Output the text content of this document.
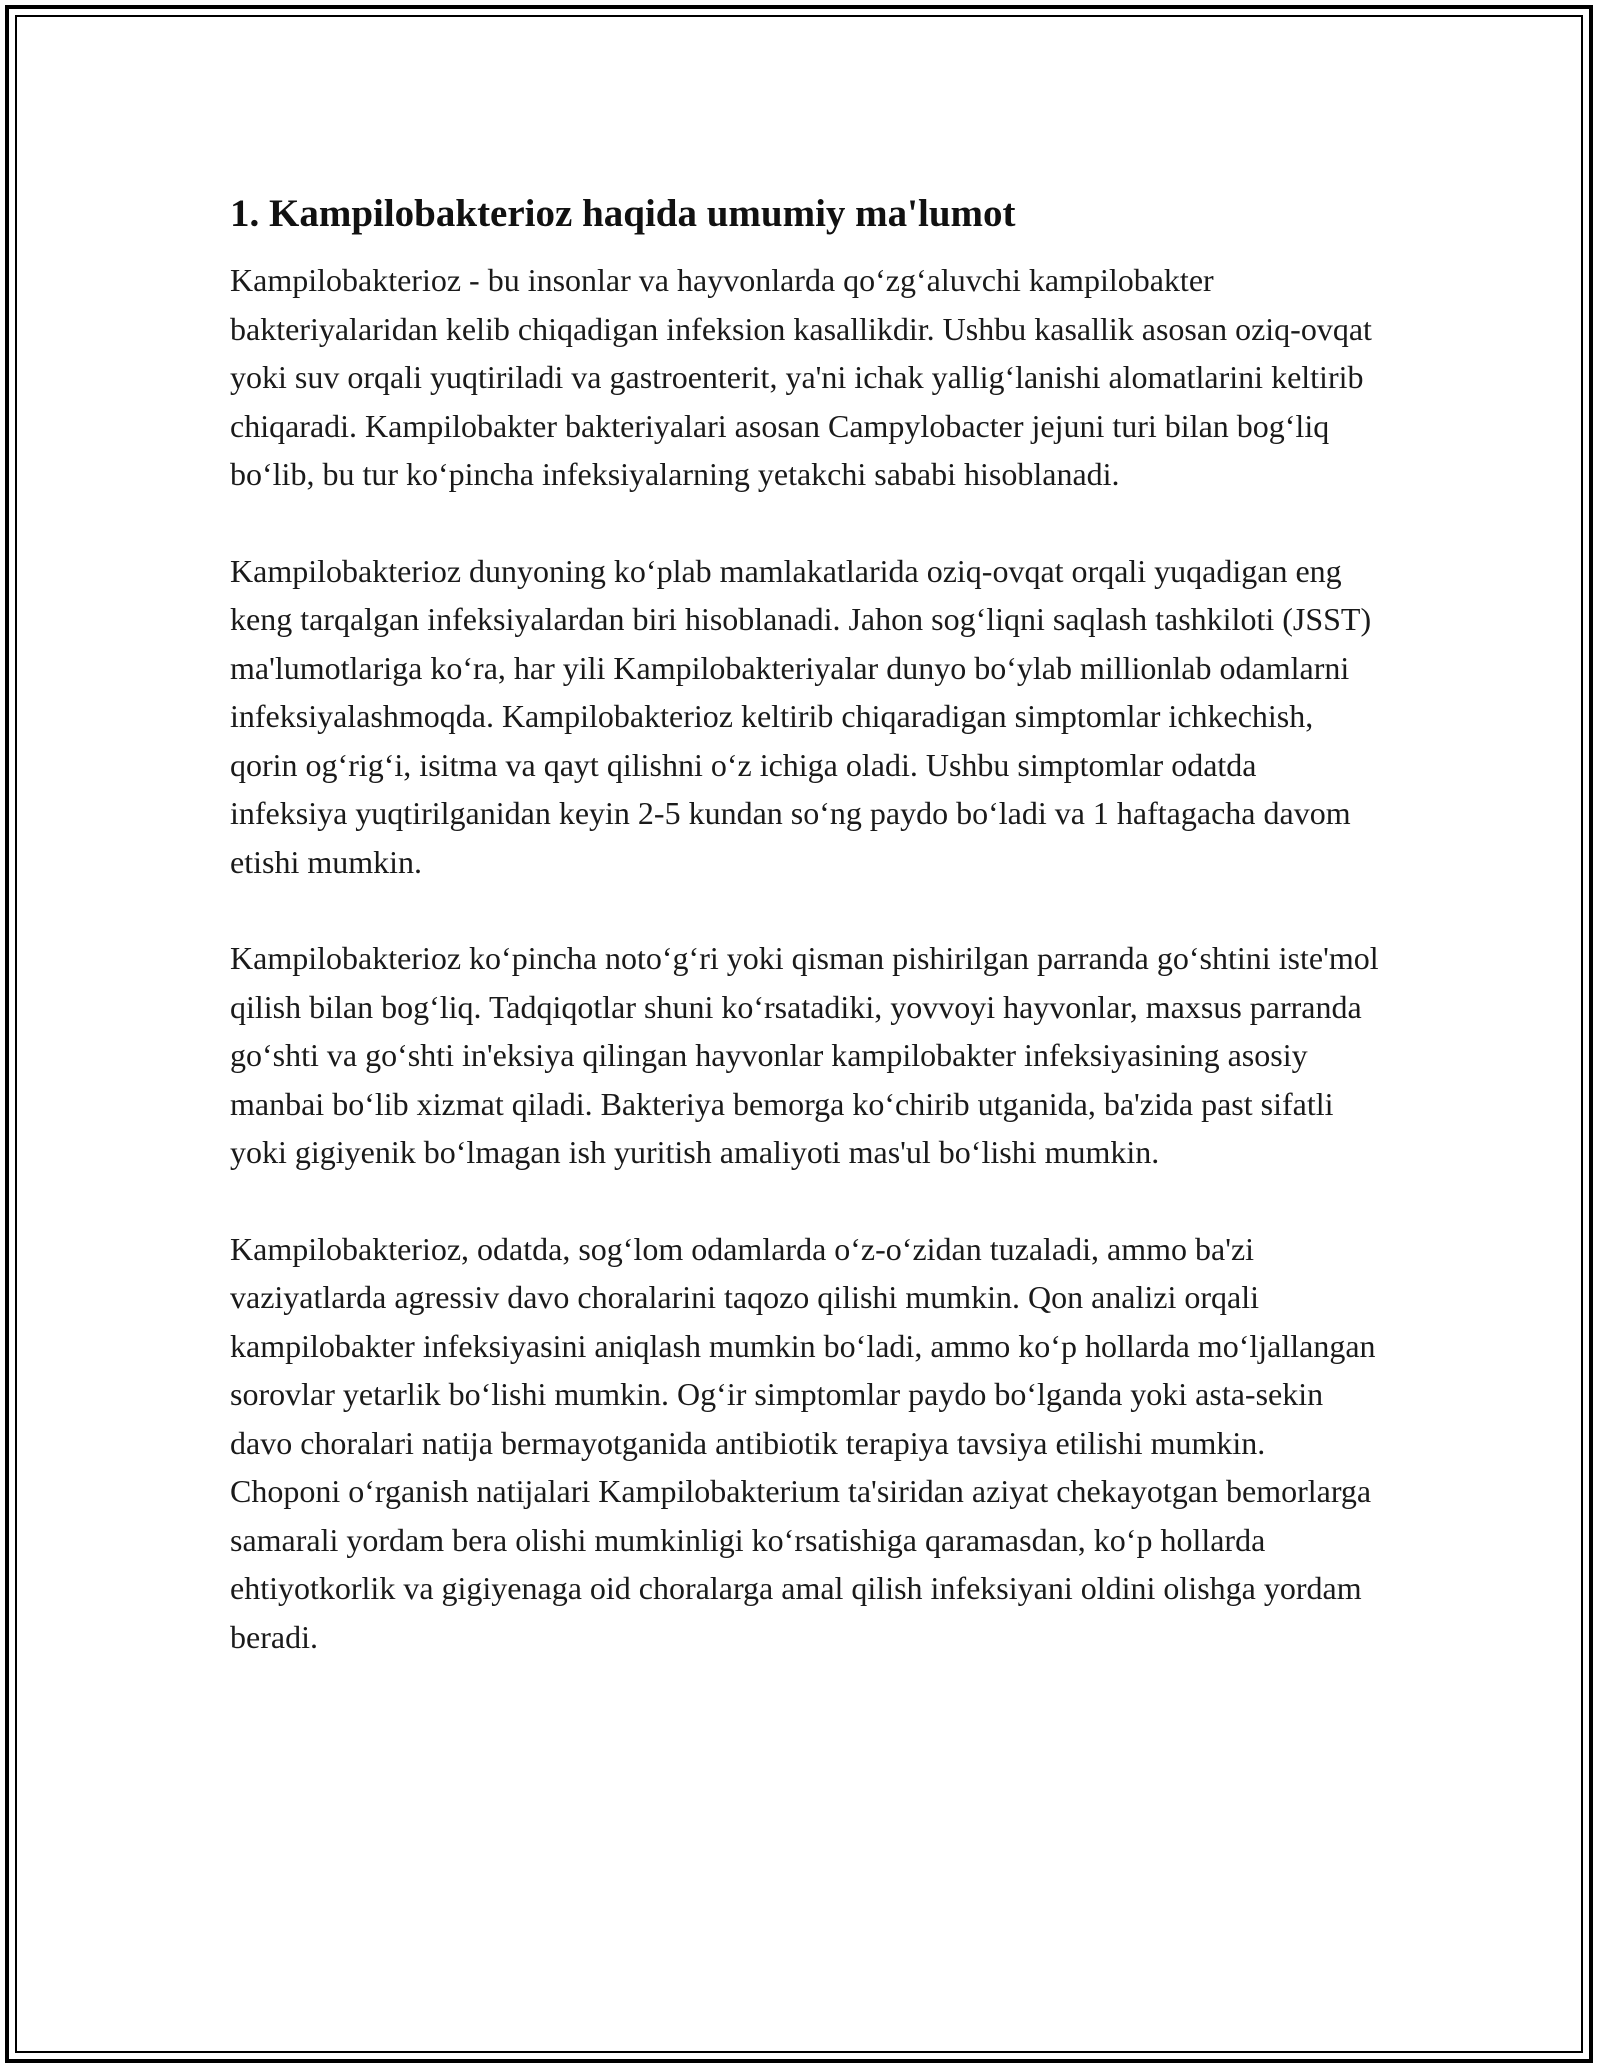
1. Kampilobakterioz haqida umumiy ma'lumot

Kampilobakterioz - bu insonlar va hayvonlarda qo‘zg‘aluvchi kampilobakter bakteriyalaridan kelib chiqadigan infeksion kasallikdir. Ushbu kasallik asosan oziq-ovqat yoki suv orqali yuqtiriladi va gastroenterit, ya'ni ichak yallig‘lanishi alomatlarini keltirib chiqaradi. Kampilobakter bakteriyalari asosan Campylobacter jejuni turi bilan bog‘liq bo‘lib, bu tur ko‘pincha infeksiyalarning yetakchi sababi hisoblanadi.

Kampilobakterioz dunyoning ko‘plab mamlakatlarida oziq-ovqat orqali yuqadigan eng keng tarqalgan infeksiyalardan biri hisoblanadi. Jahon sog‘liqni saqlash tashkiloti (JSST) ma'lumotlariga ko‘ra, har yili Kampilobakteriyalar dunyo bo‘ylab millionlab odamlarni infeksiyalashmoqda. Kampilobakterioz keltirib chiqaradigan simptomlar ichkechish, qorin og‘rig‘i, isitma va qayt qilishni o‘z ichiga oladi. Ushbu simptomlar odatda infeksiya yuqtirilganidan keyin 2-5 kundan so‘ng paydo bo‘ladi va 1 haftagacha davom etishi mumkin.

Kampilobakterioz ko‘pincha noto‘g‘ri yoki qisman pishirilgan parranda go‘shtini iste'mol qilish bilan bog‘liq. Tadqiqotlar shuni ko‘rsatadiki, yovvoyi hayvonlar, maxsus parranda go‘shti va go‘shti in'eksiya qilingan hayvonlar kampilobakter infeksiyasining asosiy manbai bo‘lib xizmat qiladi. Bakteriya bemorga ko‘chirib utganida, ba'zida past sifatli yoki gigiyenik bo‘lmagan ish yuritish amaliyoti mas'ul bo‘lishi mumkin.

Kampilobakterioz, odatda, sog‘lom odamlarda o‘z-o‘zidan tuzaladi, ammo ba'zi vaziyatlarda agressiv davo choralarini taqozo qilishi mumkin. Qon analizi orqali kampilobakter infeksiyasini aniqlash mumkin bo‘ladi, ammo ko‘p hollarda mo‘ljallangan sorovlar yetarlik bo‘lishi mumkin. Og‘ir simptomlar paydo bo‘lganda yoki asta-sekin davo choralari natija bermayotganida antibiotik terapiya tavsiya etilishi mumkin. Choponi o‘rganish natijalari Kampilobakterium ta'siridan aziyat chekayotgan bemorlarga samarali yordam bera olishi mumkinligi ko‘rsatishiga qaramasdan, ko‘p hollarda ehtiyotkorlik va gigiyenaga oid choralarga amal qilish infeksiyani oldini olishga yordam beradi.
